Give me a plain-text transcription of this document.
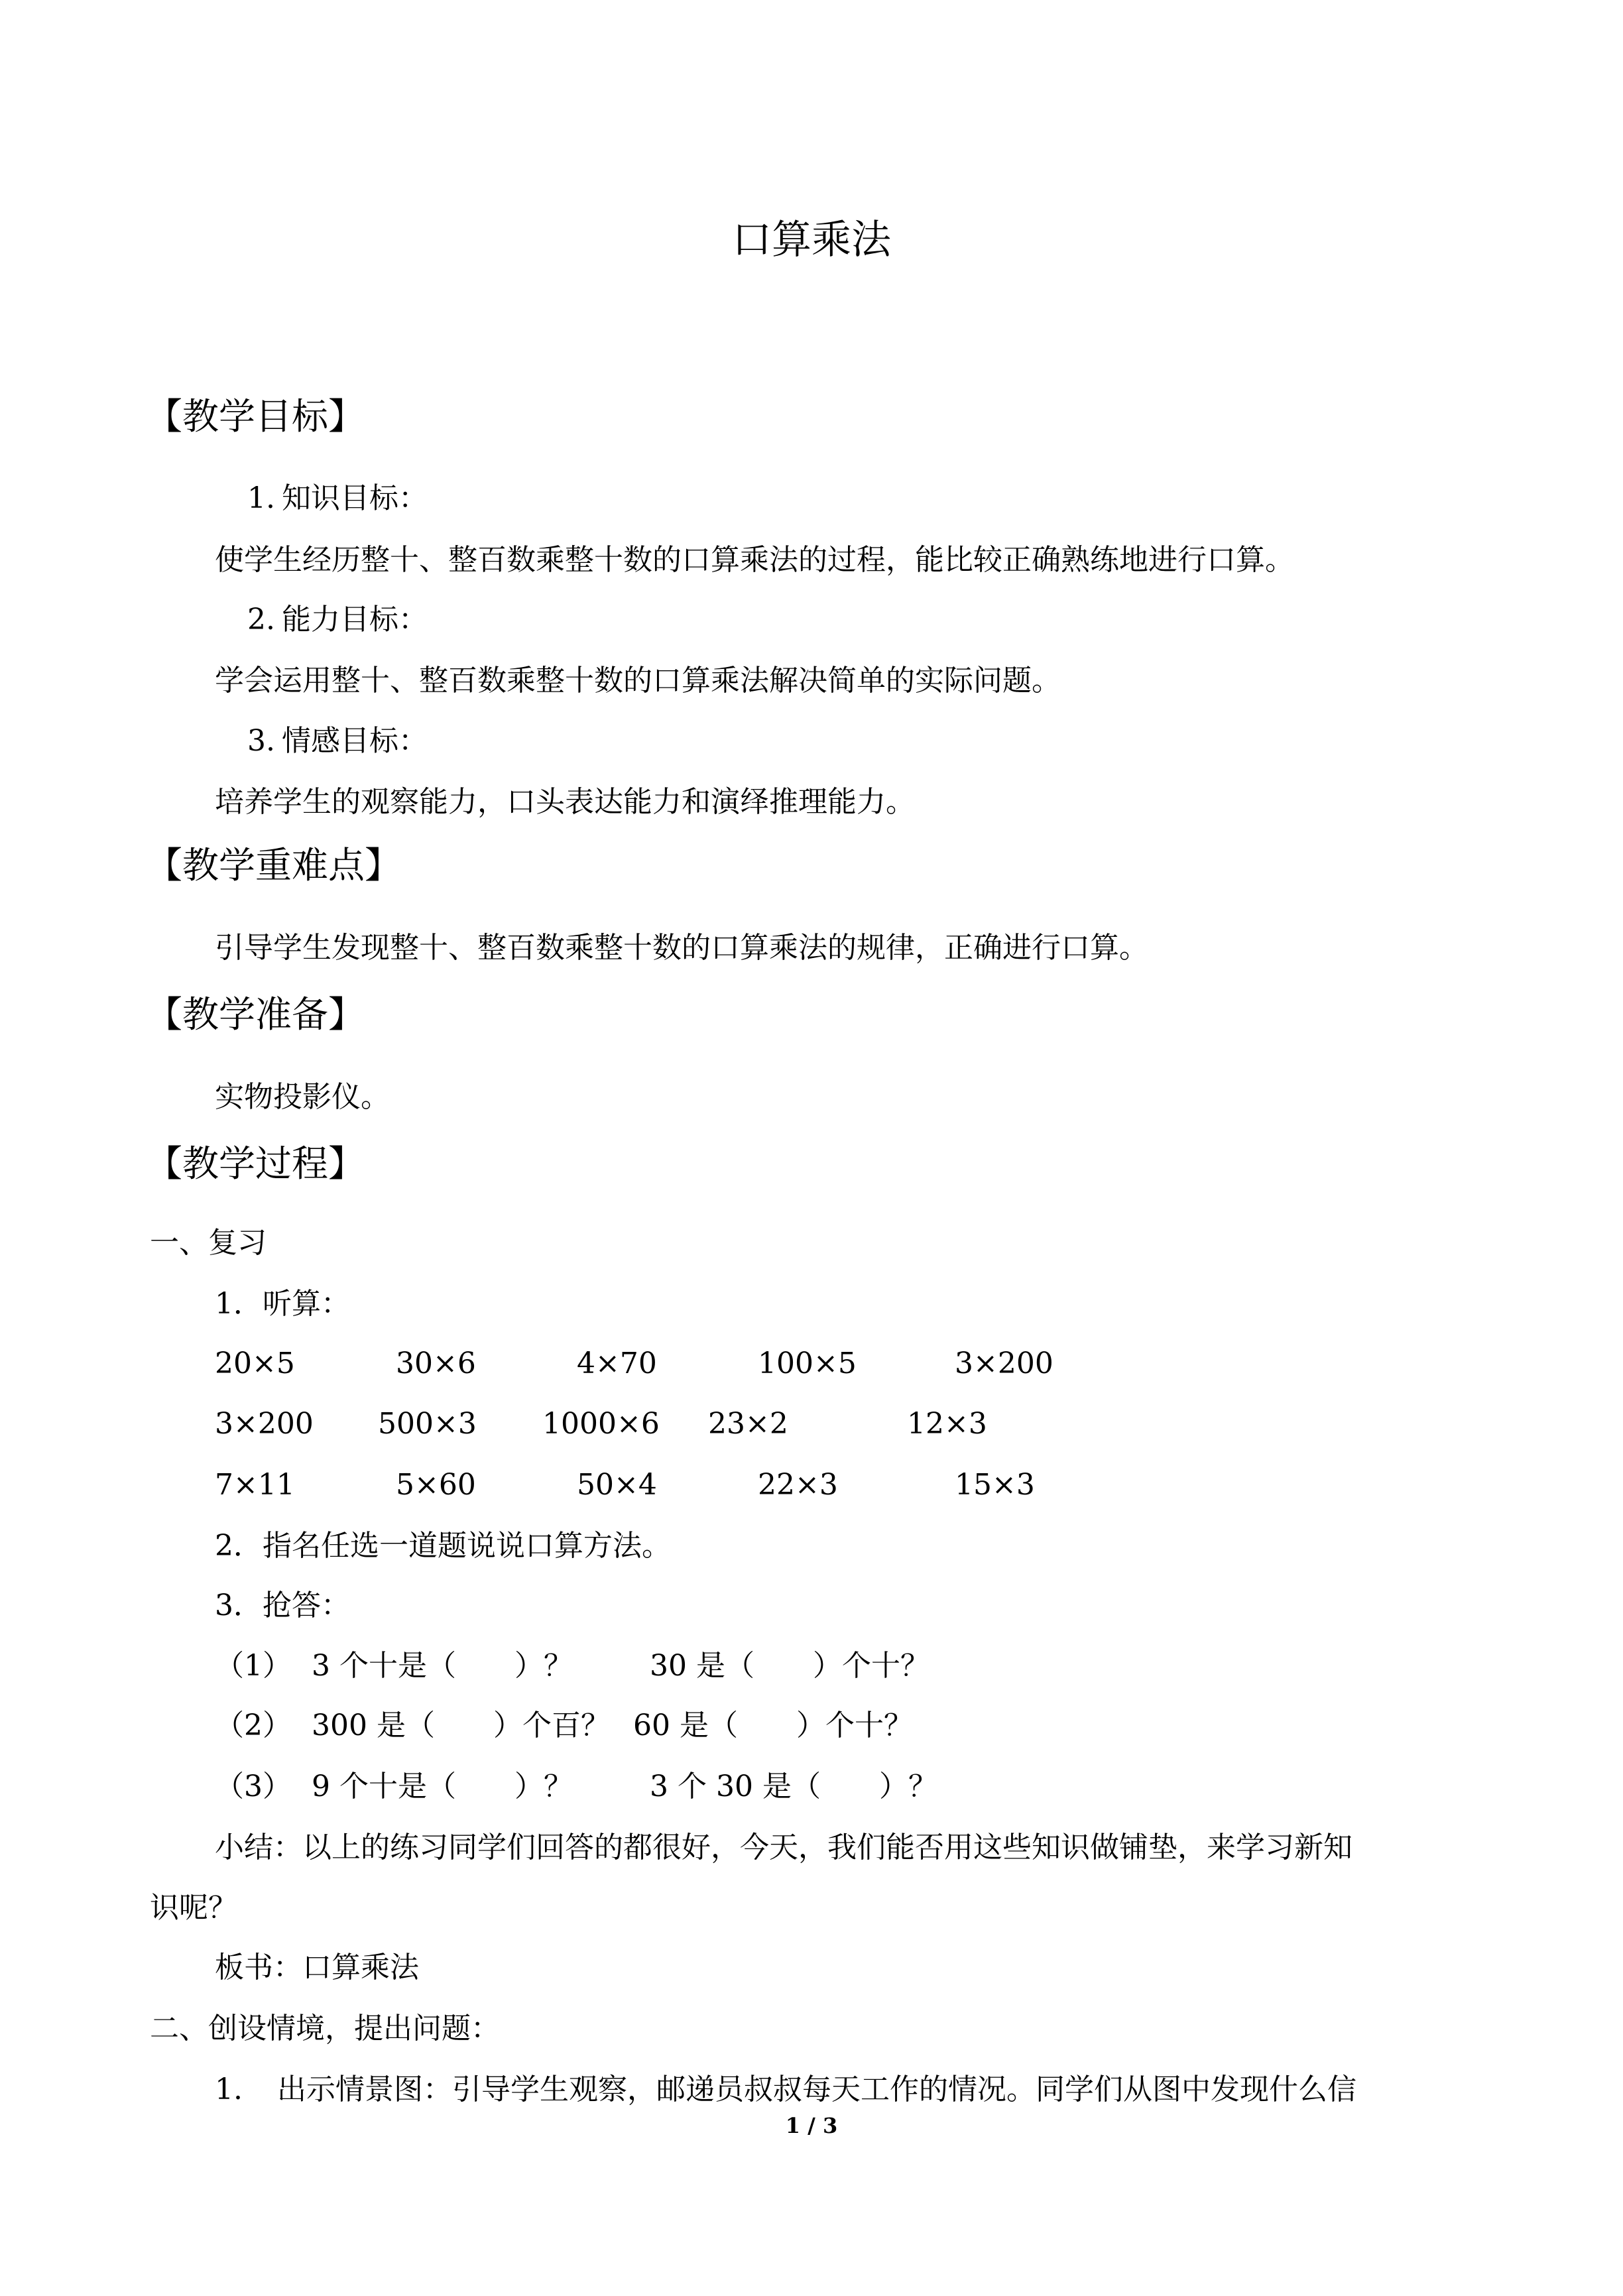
口算乘法
【教学目标】
1. 知识目标：
使学生经历整十、整百数乘整十数的口算乘法的过程，能比较正确熟练地进行口算。
2. 能力目标：
学会运用整十、整百数乘整十数的口算乘法解决简单的实际问题。
3. 情感目标：
培养学生的观察能力，口头表达能力和演绎推理能力。
【教学重难点】
引导学生发现整十、整百数乘整十数的口算乘法的规律，正确进行口算。
【教学准备】
实物投影仪。
【教学过程】
一、复习
1．听算：
20×5	30×6	4×70	100×5	3×200
3×200 500×3 1000×6 23×2	12×3
7×11	5×60	50×4	22×3	15×3
2．指名任选一道题说说口算方法。
3．抢答：
（1） 3 个十是（　　）？	30 是（　　）个十？
（2） 300 是（　　）个百？ 60 是（　　）个十？
（3） 9 个十是（　　）？	3 个 30 是（　　）？
小结：以上的练习同学们回答的都很好，今天，我们能否用这些知识做铺垫，来学习新知
识呢？
板书：口算乘法
二、创设情境，提出问题：
1. 出示情景图：引导学生观察，邮递员叔叔每天工作的情况。同学们从图中发现什么信
1 / 3
